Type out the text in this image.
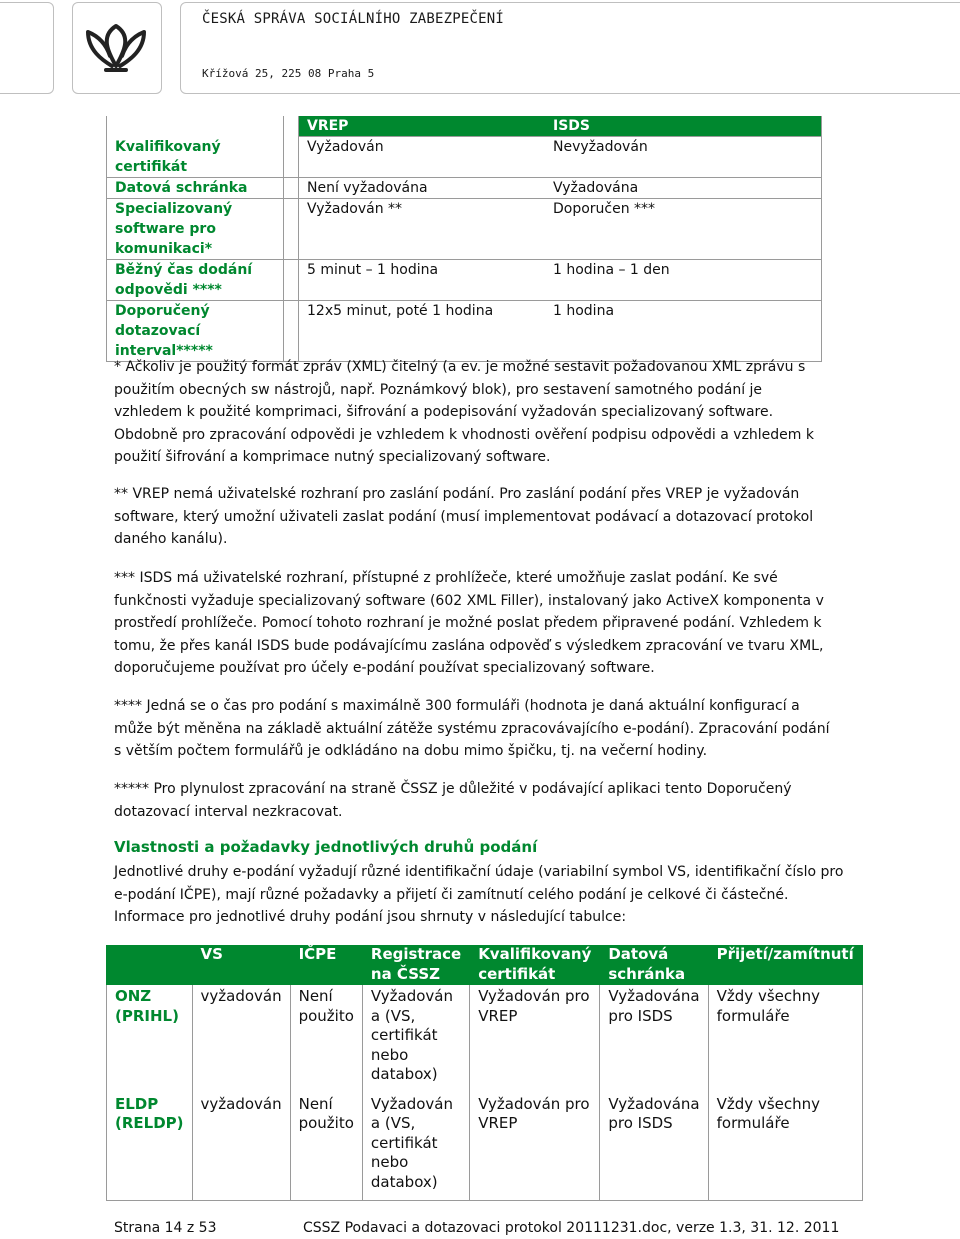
ČESKÁ SPRÁVA SOCIÁLNÍHO ZABEZPEČENÍ
Křížová 25, 225 08 Praha 5
		VREP	ISDS
Kvalifikovaný certifikát		Vyžadován	Nevyžadován
Datová schránka		Není vyžadována	Vyžadována
Specializovaný software pro komunikaci*		Vyžadován **	Doporučen ***
Běžný čas dodání odpovědi ****		5 minut – 1 hodina	1 hodina – 1 den
Doporučený dotazovací interval*****		12x5 minut, poté 1 hodina	1 hodina

* Ačkoliv je použitý formát zpráv (XML) čitelný (a ev. je možné sestavit požadovanou XML zprávu s použitím obecných sw nástrojů, např. Poznámkový blok), pro sestavení samotného podání je vzhledem k použité komprimaci, šifrování a podepisování vyžadován specializovaný software. Obdobně pro zpracování odpovědi je vzhledem k vhodnosti ověření podpisu odpovědi a vzhledem k použití šifrování a komprimace nutný specializovaný software.

** VREP nemá uživatelské rozhraní pro zaslání podání. Pro zaslání podání přes VREP je vyžadován software, který umožní uživateli zaslat podání (musí implementovat podávací a dotazovací protokol daného kanálu).

*** ISDS má uživatelské rozhraní, přístupné z prohlížeče, které umožňuje zaslat podání. Ke své funkčnosti vyžaduje specializovaný software (602 XML Filler), instalovaný jako ActiveX komponenta v prostředí prohlížeče. Pomocí tohoto rozhraní je možné poslat předem připravené podání. Vzhledem k tomu, že přes kanál ISDS bude podávajícímu zaslána odpověď s výsledkem zpracování ve tvaru XML, doporučujeme používat pro účely e-podání používat specializovaný software.

**** Jedná se o čas pro podání s maximálně 300 formuláři (hodnota je daná aktuální konfigurací a může být měněna na základě aktuální zátěže systému zpracovávajícího e-podání). Zpracování podání s větším počtem formulářů je odkládáno na dobu mimo špičku, tj. na večerní hodiny.

***** Pro plynulost zpracování na straně ČSSZ je důležité v podávající aplikaci tento Doporučený dotazovací interval nezkracovat.

Vlastnosti a požadavky jednotlivých druhů podání

Jednotlivé druhy e-podání vyžadují různé identifikační údaje (variabilní symbol VS, identifikační číslo pro e-podání IČPE), mají různé požadavky a přijetí či zamítnutí celého podání je celkové či částečné. Informace pro jednotlivé druhy podání jsou shrnuty v následující tabulce:

	VS	IČPE	Registrace na ČSSZ	Kvalifikovaný certifikát	Datová schránka	Přijetí/zamítnutí
ONZ (PRIHL)	vyžadován	Není použito	Vyžadován a (VS, certifikát nebo databox)	Vyžadován pro VREP	Vyžadována pro ISDS	Vždy všechny formuláře
ELDP (RELDP)	vyžadován	Není použito	Vyžadován a (VS, certifikát nebo databox)	Vyžadován pro VREP	Vyžadována pro ISDS	Vždy všechny formuláře
Strana 14 z 53	CSSZ Podavaci a dotazovaci protokol 20111231.doc, verze 1.3, 31. 12. 2011
